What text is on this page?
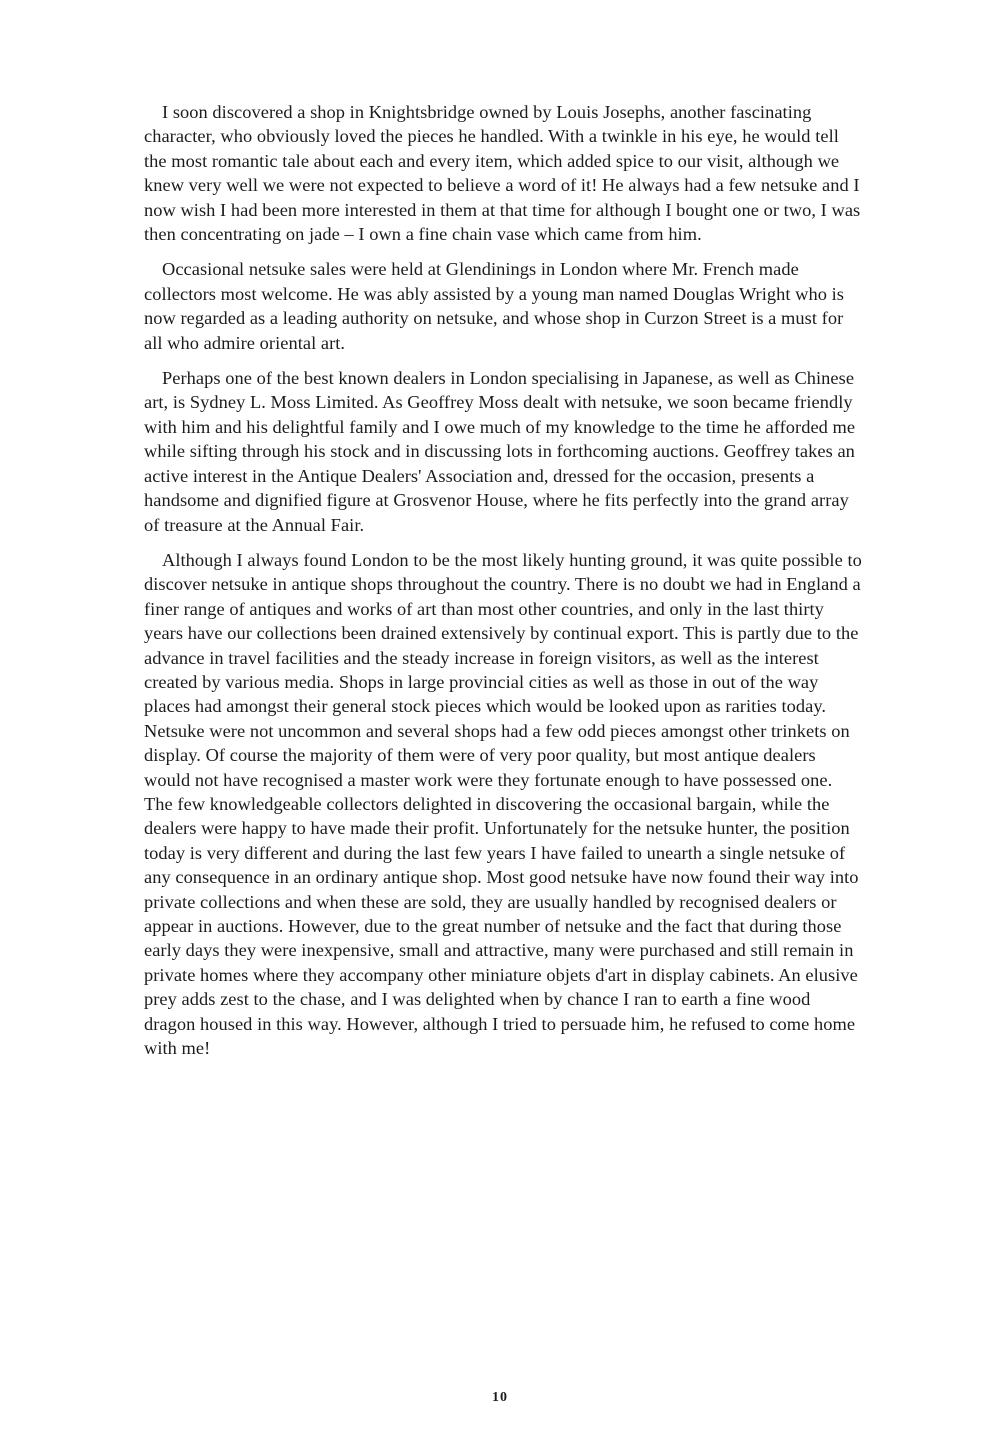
I soon discovered a shop in Knightsbridge owned by Louis Josephs, another fascinating character, who obviously loved the pieces he handled. With a twinkle in his eye, he would tell the most romantic tale about each and every item, which added spice to our visit, although we knew very well we were not expected to believe a word of it! He always had a few netsuke and I now wish I had been more interested in them at that time for although I bought one or two, I was then concentrating on jade – I own a fine chain vase which came from him.

Occasional netsuke sales were held at Glendinings in London where Mr. French made collectors most welcome. He was ably assisted by a young man named Douglas Wright who is now regarded as a leading authority on netsuke, and whose shop in Curzon Street is a must for all who admire oriental art.

Perhaps one of the best known dealers in London specialising in Japanese, as well as Chinese art, is Sydney L. Moss Limited. As Geoffrey Moss dealt with netsuke, we soon became friendly with him and his delightful family and I owe much of my knowledge to the time he afforded me while sifting through his stock and in discussing lots in forthcoming auctions. Geoffrey takes an active interest in the Antique Dealers' Association and, dressed for the occasion, presents a handsome and dignified figure at Grosvenor House, where he fits perfectly into the grand array of treasure at the Annual Fair.

Although I always found London to be the most likely hunting ground, it was quite possible to discover netsuke in antique shops throughout the country. There is no doubt we had in England a finer range of antiques and works of art than most other countries, and only in the last thirty years have our collections been drained extensively by continual export. This is partly due to the advance in travel facilities and the steady increase in foreign visitors, as well as the interest created by various media. Shops in large provincial cities as well as those in out of the way places had amongst their general stock pieces which would be looked upon as rarities today. Netsuke were not uncommon and several shops had a few odd pieces amongst other trinkets on display. Of course the majority of them were of very poor quality, but most antique dealers would not have recognised a master work were they fortunate enough to have possessed one. The few knowledgeable collectors delighted in discovering the occasional bargain, while the dealers were happy to have made their profit. Unfortunately for the netsuke hunter, the position today is very different and during the last few years I have failed to unearth a single netsuke of any consequence in an ordinary antique shop. Most good netsuke have now found their way into private collections and when these are sold, they are usually handled by recognised dealers or appear in auctions. However, due to the great number of netsuke and the fact that during those early days they were inexpensive, small and attractive, many were purchased and still remain in private homes where they accompany other miniature objets d'art in display cabinets. An elusive prey adds zest to the chase, and I was delighted when by chance I ran to earth a fine wood dragon housed in this way. However, although I tried to persuade him, he refused to come home with me!

10
